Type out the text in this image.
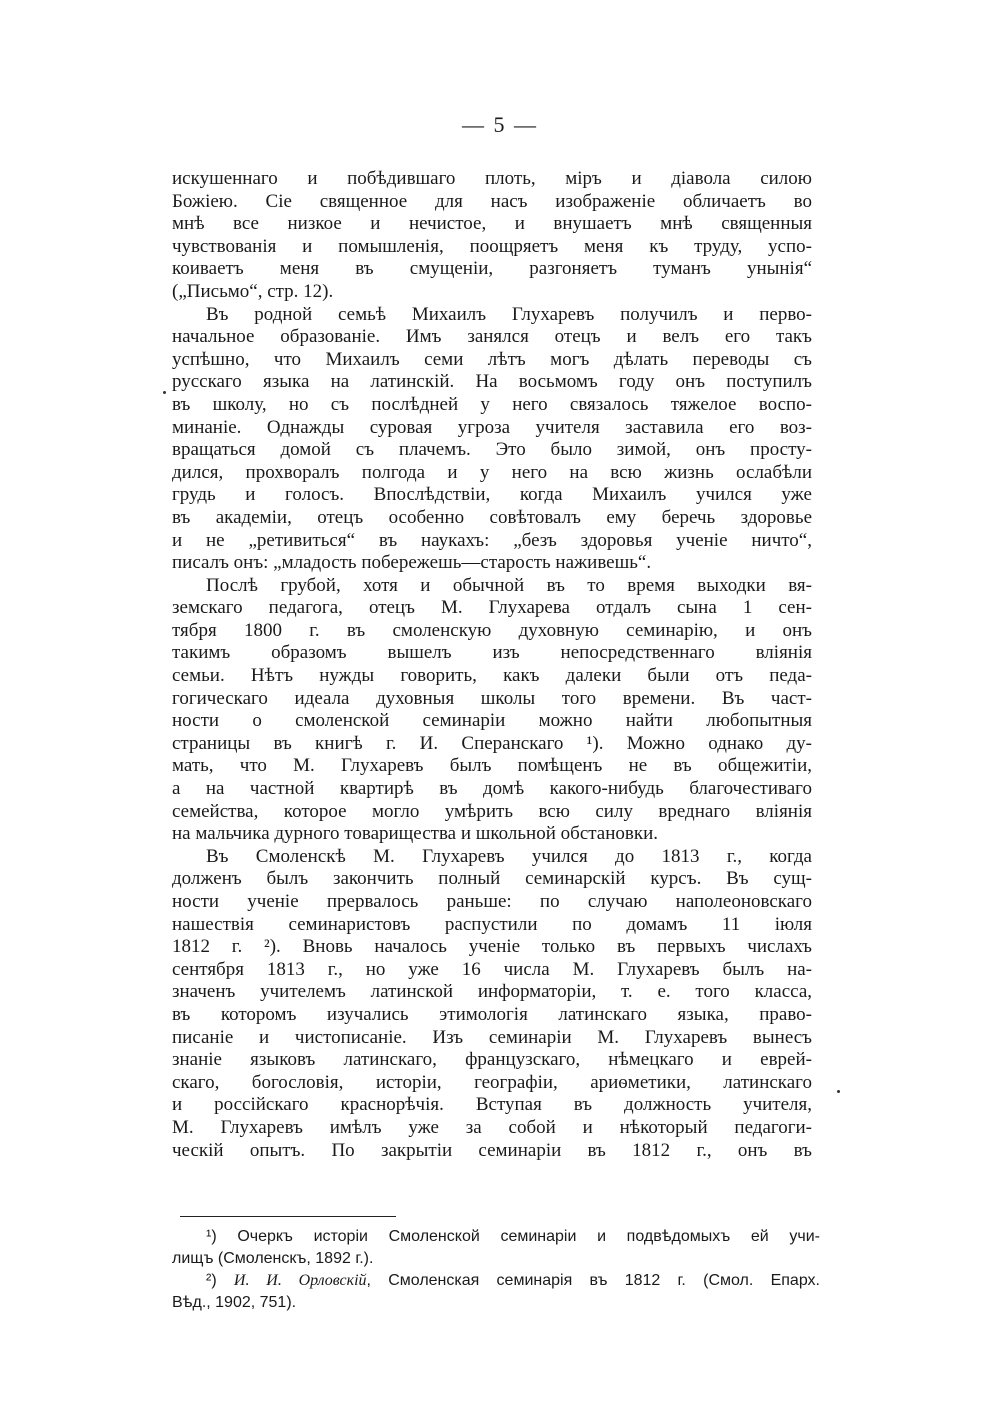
— 5 —
искушеннаго и побѣдившаго плоть, міръ и діавола силою
Божіею. Сіе священное для насъ изображеніе обличаетъ во
мнѣ все низкое и нечистое, и внушаетъ мнѣ священныя
чувствованія и помышленія, поощряетъ меня къ труду, успо-
коиваетъ меня въ смущеніи, разгоняетъ туманъ унынія“
(„Письмо“, стр. 12).
Въ родной семьѣ Михаилъ Глухаревъ получилъ и перво-
начальное образованіе. Имъ занялся отецъ и велъ его такъ
успѣшно, что Михаилъ семи лѣтъ могъ дѣлать переводы съ
русскаго языка на латинскій. На восьмомъ году онъ поступилъ
въ школу, но съ послѣдней у него связалось тяжелое воспо-
минаніе. Однажды суровая угроза учителя заставила его воз-
вращаться домой съ плачемъ. Это было зимой, онъ просту-
дился, прохворалъ полгода и у него на всю жизнь ослабѣли
грудь и голосъ. Впослѣдствіи, когда Михаилъ учился уже
въ академіи, отецъ особенно совѣтовалъ ему беречь здоровье
и не „ретивиться“ въ наукахъ: „безъ здоровья ученіе ничто“,
писалъ онъ: „младость побережешь—старость наживешь“.
Послѣ грубой, хотя и обычной въ то время выходки вя-
земскаго педагога, отецъ М. Глухарева отдалъ сына 1 сен-
тября 1800 г. въ смоленскую духовную семинарію, и онъ
такимъ образомъ вышелъ изъ непосредственнаго вліянія
семьи. Нѣтъ нужды говорить, какъ далеки были отъ педа-
гогическаго идеала духовныя школы того времени. Въ част-
ности о смоленской семинаріи можно найти любопытныя
страницы въ книгѣ г. И. Сперанскаго ¹). Можно однако ду-
мать, что М. Глухаревъ былъ помѣщенъ не въ общежитіи,
а на частной квартирѣ въ домѣ какого-нибудь благочестиваго
семейства, которое могло умѣрить всю силу вреднаго вліянія
на мальчика дурного товарищества и школьной обстановки.
Въ Смоленскѣ М. Глухаревъ учился до 1813 г., когда
долженъ былъ закончить полный семинарскій курсъ. Въ сущ-
ности ученіе прервалось раньше: по случаю наполеоновскаго
нашествія семинаристовъ распустили по домамъ 11 іюля
1812 г. ²). Вновь началось ученіе только въ первыхъ числахъ
сентября 1813 г., но уже 16 числа М. Глухаревъ былъ на-
значенъ учителемъ латинской информаторіи, т. е. того класса,
въ которомъ изучались этимологія латинскаго языка, право-
писаніе и чистописаніе. Изъ семинаріи М. Глухаревъ вынесъ
знаніе языковъ латинскаго, французскаго, нѣмецкаго и еврей-
скаго, богословія, исторіи, географіи, ариѳметики, латинскаго
и россійскаго краснорѣчія. Вступая въ должность учителя,
М. Глухаревъ имѣлъ уже за собой и нѣкоторый педагоги-
ческій опытъ. По закрытіи семинаріи въ 1812 г., онъ въ
¹) Очеркъ исторіи Смоленской семинаріи и подвѣдомыхъ ей учи-
лищъ (Смоленскъ, 1892 г.).
²) И. И. Орловскій, Смоленская семинарія въ 1812 г. (Смол. Епарх.
Вѣд., 1902, 751).
